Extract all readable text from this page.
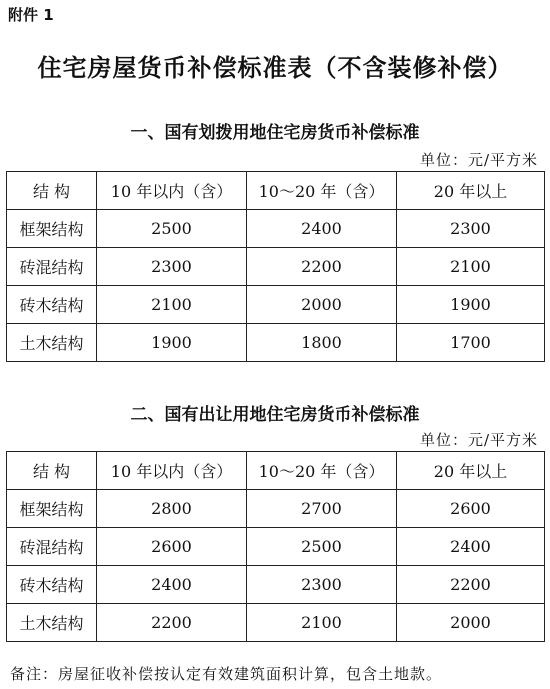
附件 1
住宅房屋货币补偿标准表（不含装修补偿）
一、国有划拨用地住宅房货币补偿标准
单位：元/平方米
结 构	10 年以内（含）	10～20 年（含）	20 年以上
框架结构	2500	2400	2300
砖混结构	2300	2200	2100
砖木结构	2100	2000	1900
土木结构	1900	1800	1700
二、国有出让用地住宅房货币补偿标准
单位：元/平方米
结 构	10 年以内（含）	10～20 年（含）	20 年以上
框架结构	2800	2700	2600
砖混结构	2600	2500	2400
砖木结构	2400	2300	2200
土木结构	2200	2100	2000
备注：房屋征收补偿按认定有效建筑面积计算，包含土地款。
